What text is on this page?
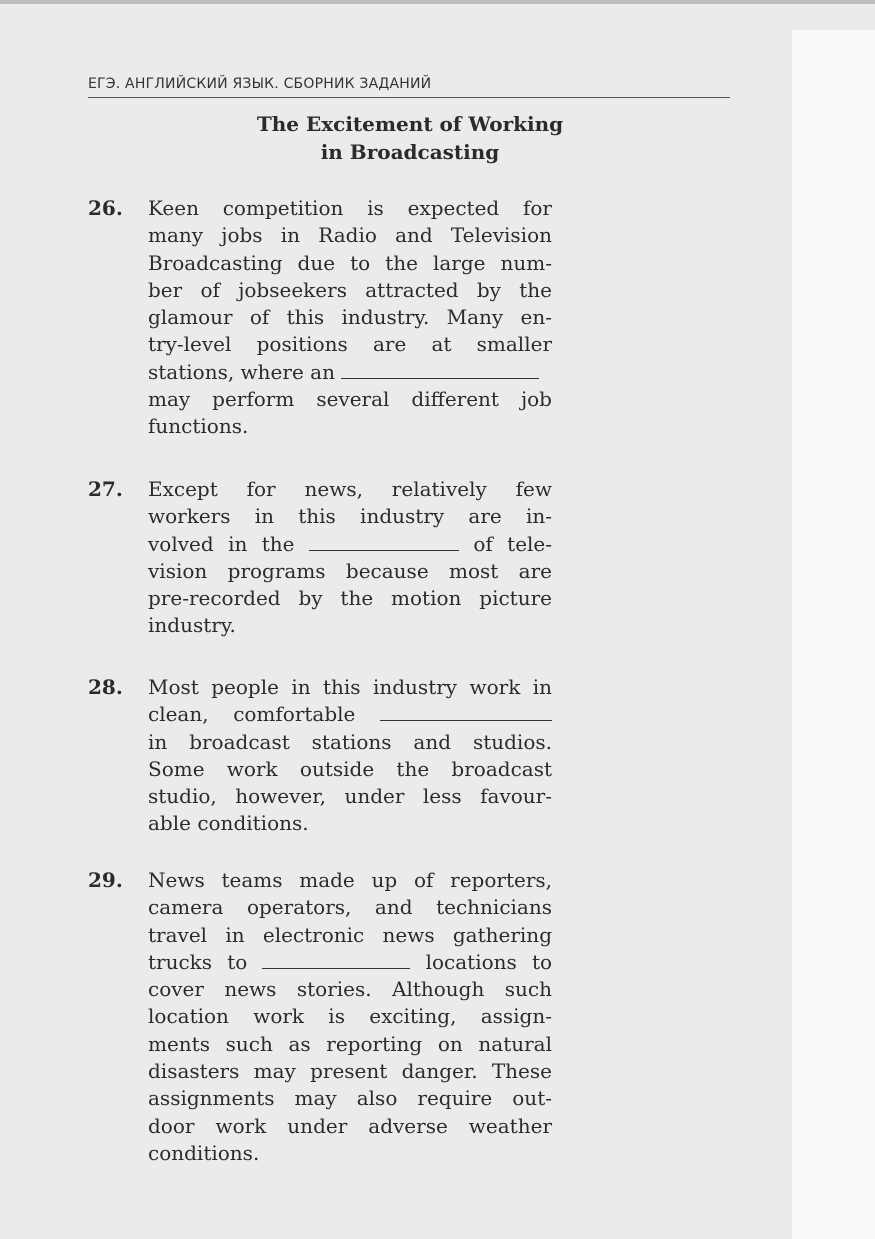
ЕГЭ. АНГЛИЙСКИЙ ЯЗЫК. СБОРНИК ЗАДАНИЙ
The Excitement of Working
in Broadcasting
26. Keen competition is expected for
many jobs in Radio and Television
Broadcasting due to the large num-
ber of jobseekers attracted by the
glamour of this industry. Many en-
try-level positions are at smaller
stations, where an
may perform several different job
functions.
27. Except for news, relatively few
workers in this industry are in-
volved in the	of tele-
vision programs because most are
pre-recorded by the motion picture
industry.
28. Most people in this industry work in
clean, comfortable
in broadcast stations and studios.
Some work outside the broadcast
studio, however, under less favour-
able conditions.
29. News teams made up of reporters,
camera operators, and technicians
travel in electronic news gathering
trucks to	locations to
cover news stories. Although such
location work is exciting, assign-
ments such as reporting on natural
disasters may present danger. These
assignments may also require out-
door work under adverse weather
conditions.
